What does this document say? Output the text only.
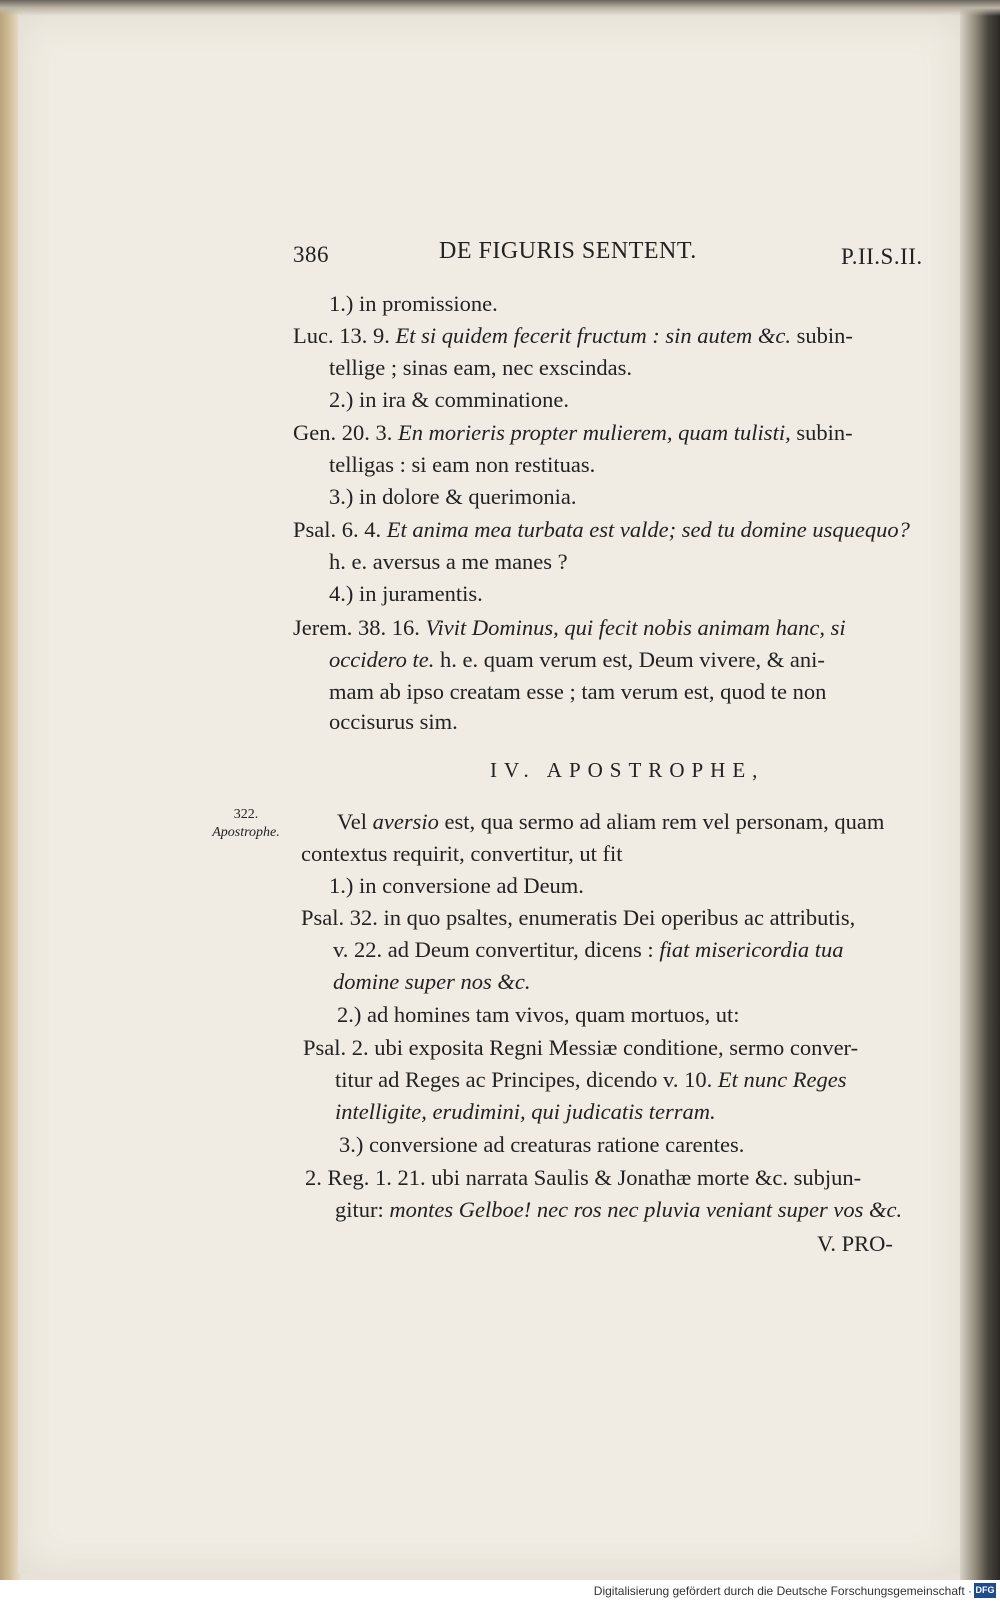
386	DE FIGURIS SENTENT.	P.II.S.II.
1.) in promissione.
Luc. 13. 9. Et si quidem fecerit fructum : sin autem &c. subin-
tellige ; sinas eam, nec exscindas.
2.) in ira & comminatione.
Gen. 20. 3. En morieris propter mulierem, quam tulisti, subin-
telligas : si eam non restituas.
3.) in dolore & querimonia.
Psal. 6. 4. Et anima mea turbata est valde; sed tu domine usquequo?
h. e. aversus a me manes ?
4.) in juramentis.
Jerem. 38. 16. Vivit Dominus, qui fecit nobis animam hanc, si
occidero te. h. e. quam verum est, Deum vivere, & ani-
mam ab ipso creatam esse ; tam verum est, quod te non
occisurus sim.
Vel aversio est, qua sermo ad aliam rem vel personam, quam
contextus requirit, convertitur, ut fit
1.) in conversione ad Deum.
Psal. 32. in quo psaltes, enumeratis Dei operibus ac attributis,
v. 22. ad Deum convertitur, dicens : fiat misericordia tua
domine super nos &c.
2.) ad homines tam vivos, quam mortuos, ut:
Psal. 2. ubi exposita Regni Messiæ conditione, sermo conver-
titur ad Reges ac Principes, dicendo v. 10. Et nunc Reges
intelligite, erudimini, qui judicatis terram.
3.) conversione ad creaturas ratione carentes.
2. Reg. 1. 21. ubi narrata Saulis & Jonathæ morte &c. subjun-
gitur: montes Gelboe! nec ros nec pluvia veniant super vos &c.
V. PRO-
IV. APOSTROPHE,
322.
Apostrophe.
Digitalisierung gefördert durch die Deutsche Forschungsgemeinschaft · DFG
